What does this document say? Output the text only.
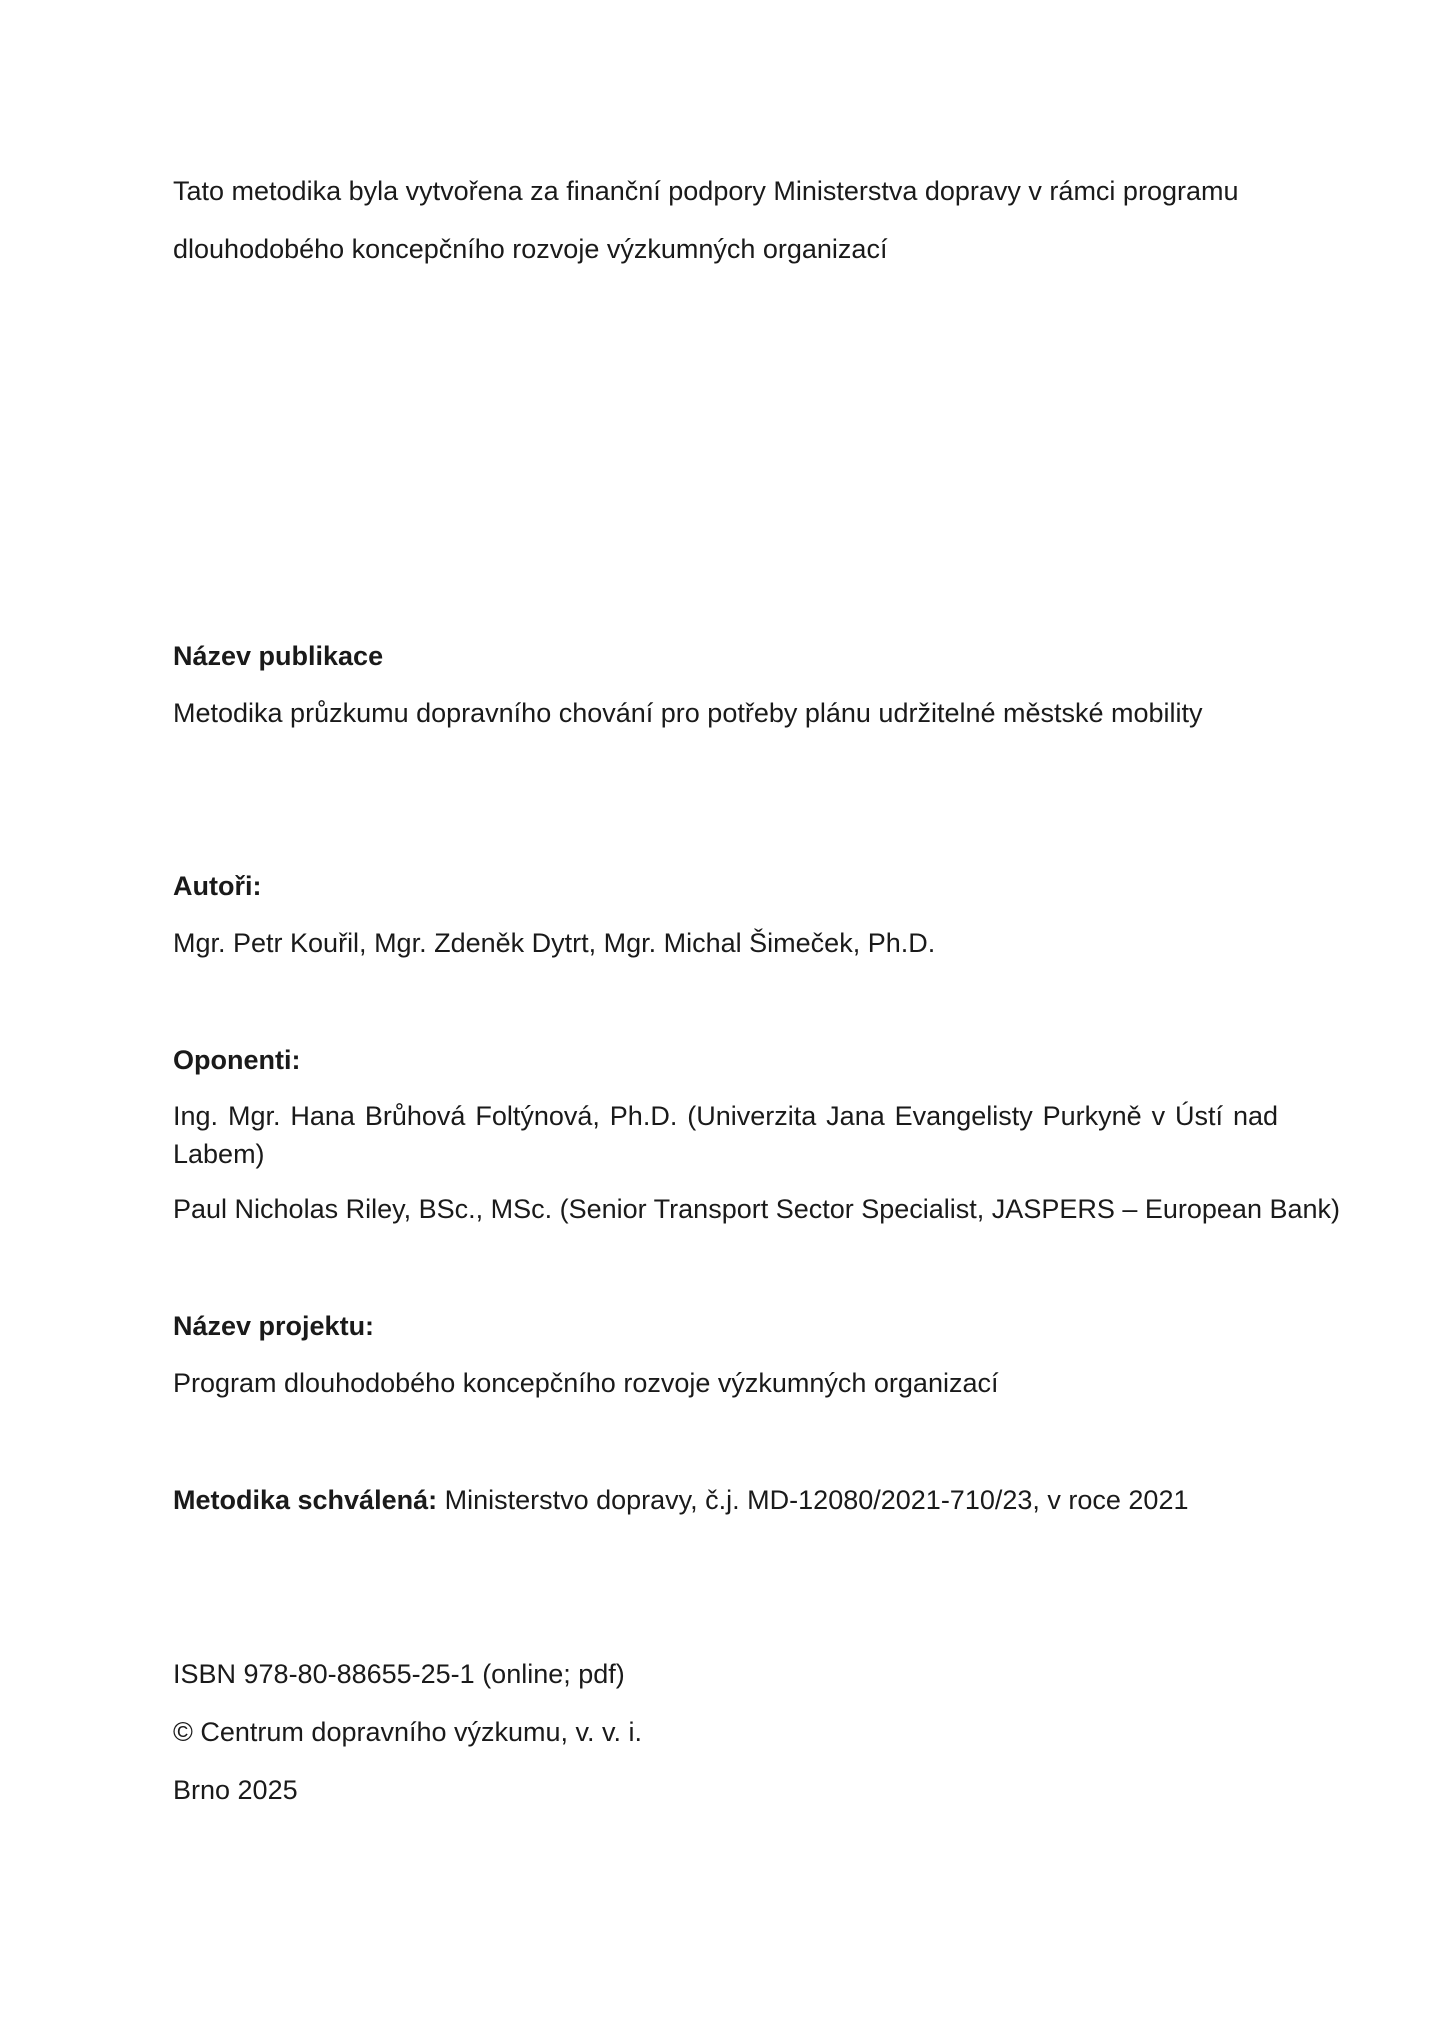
Tato metodika byla vytvořena za finanční podpory Ministerstva dopravy v rámci programu

dlouhodobého koncepčního rozvoje výzkumných organizací

Název publikace

Metodika průzkumu dopravního chování pro potřeby plánu udržitelné městské mobility

Autoři:

Mgr. Petr Kouřil, Mgr. Zdeněk Dytrt, Mgr. Michal Šimeček, Ph.D.

Oponenti:

Ing. Mgr. Hana Brůhová Foltýnová, Ph.D. (Univerzita Jana Evangelisty Purkyně v Ústí nad Labem)

Paul Nicholas Riley, BSc., MSc. (Senior Transport Sector Specialist, JASPERS – European Bank)

Název projektu:

Program dlouhodobého koncepčního rozvoje výzkumných organizací

Metodika schválená: Ministerstvo dopravy, č.j. MD-12080/2021-710/23, v roce 2021

ISBN 978-80-88655-25-1 (online; pdf)

© Centrum dopravního výzkumu, v. v. i.

Brno 2025
